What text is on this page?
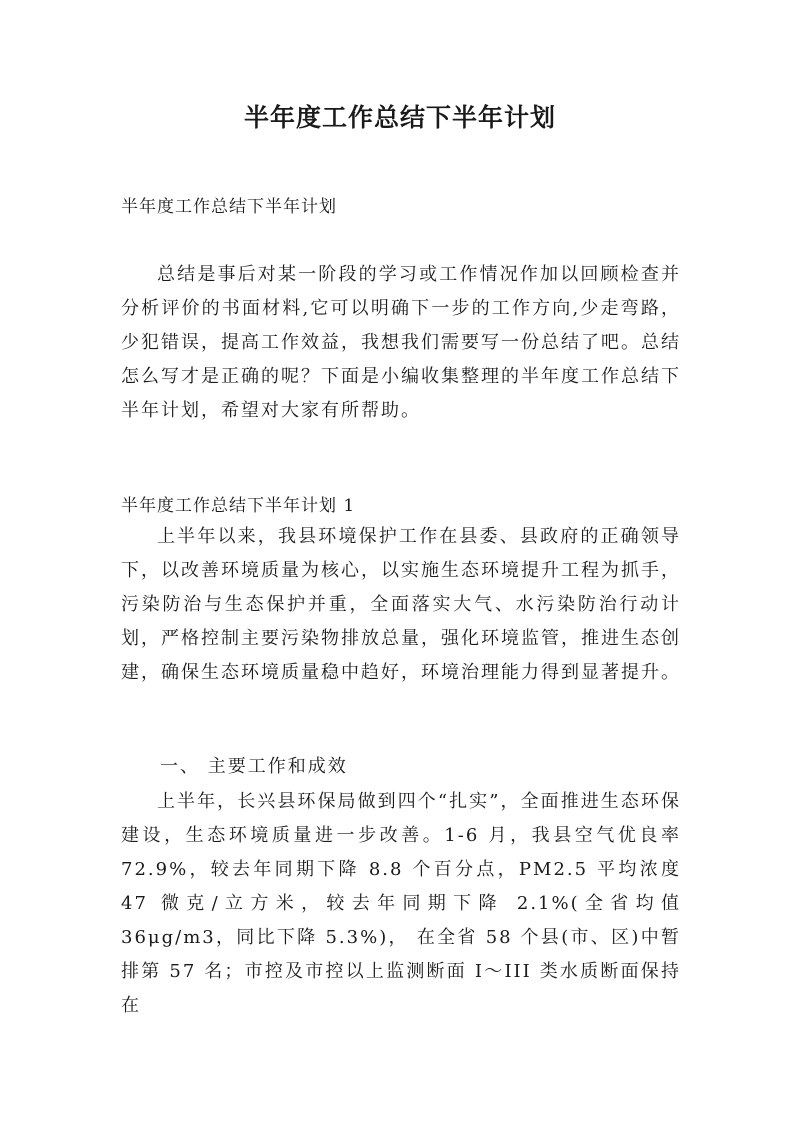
半年度工作总结下半年计划

半年度工作总结下半年计划

总结是事后对某一阶段的学习或工作情况作加以回顾检查并分析评价的书面材料,它可以明确下一步的工作方向,少走弯路，少犯错误，提高工作效益，我想我们需要写一份总结了吧。总结怎么写才是正确的呢？下面是小编收集整理的半年度工作总结下半年计划，希望对大家有所帮助。

半年度工作总结下半年计划 1

上半年以来，我县环境保护工作在县委、县政府的正确领导下，以改善环境质量为核心，以实施生态环境提升工程为抓手，污染防治与生态保护并重，全面落实大气、水污染防治行动计划，严格控制主要污染物排放总量，强化环境监管，推进生态创建，确保生态环境质量稳中趋好，环境治理能力得到显著提升。

一、 主要工作和成效

上半年，长兴县环保局做到四个“扎实”，全面推进生态环保建设，生态环境质量进一步改善。1-6 月，我县空气优良率 72.9%，较去年同期下降 8.8 个百分点，PM2.5 平均浓度 47 微克/立方米，较去年同期下降 2.1%(全省均值 36μg/m3，同比下降 5.3%)， 在全省 58 个县(市、区)中暂排第 57 名；市控及市控以上监测断面 Ⅰ～III 类水质断面保持在
